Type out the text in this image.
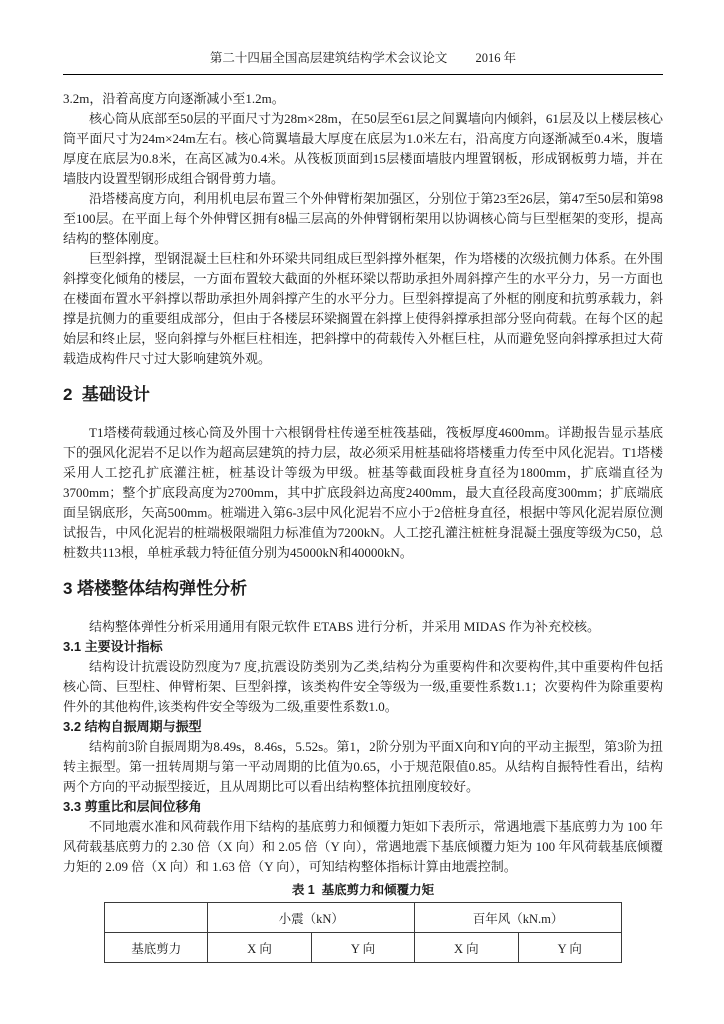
第二十四届全国高层建筑结构学术会议论文 2016 年

3.2m，沿着高度方向逐渐减小至1.2m。

核心筒从底部至50层的平面尺寸为28m×28m，在50层至61层之间翼墙向内倾斜，61层及以上楼层核心筒平面尺寸为24m×24m左右。核心筒翼墙最大厚度在底层为1.0米左右，沿高度方向逐渐减至0.4米，腹墙厚度在底层为0.8米，在高区减为0.4米。从筏板顶面到15层楼面墙肢内埋置钢板，形成钢板剪力墙，并在墙肢内设置型钢形成组合钢骨剪力墙。

沿塔楼高度方向，利用机电层布置三个外伸臂桁架加强区，分别位于第23至26层，第47至50层和第98至100层。在平面上每个外伸臂区拥有8榀三层高的外伸臂钢桁架用以协调核心筒与巨型框架的变形，提高结构的整体刚度。

巨型斜撑，型钢混凝土巨柱和外环梁共同组成巨型斜撑外框架，作为塔楼的次级抗侧力体系。在外围斜撑变化倾角的楼层，一方面布置较大截面的外框环梁以帮助承担外周斜撑产生的水平分力，另一方面也在楼面布置水平斜撑以帮助承担外周斜撑产生的水平分力。巨型斜撑提高了外框的刚度和抗剪承载力，斜撑是抗侧力的重要组成部分，但由于各楼层环梁搁置在斜撑上使得斜撑承担部分竖向荷载。在每个区的起始层和终止层，竖向斜撑与外框巨柱相连，把斜撑中的荷载传入外框巨柱，从而避免竖向斜撑承担过大荷载造成构件尺寸过大影响建筑外观。

2  基础设计

T1塔楼荷载通过核心筒及外围十六根钢骨柱传递至桩筏基础，筏板厚度4600mm。详勘报告显示基底下的强风化泥岩不足以作为超高层建筑的持力层，故必须采用桩基础将塔楼重力传至中风化泥岩。T1塔楼采用人工挖孔扩底灌注桩，桩基设计等级为甲级。桩基等截面段桩身直径为1800mm，扩底端直径为3700mm；整个扩底段高度为2700mm，其中扩底段斜边高度2400mm，最大直径段高度300mm；扩底端底面呈锅底形，矢高500mm。桩端进入第6-3层中风化泥岩不应小于2倍桩身直径，根据中等风化泥岩原位测试报告，中风化泥岩的桩端极限端阻力标准值为7200kN。人工挖孔灌注桩桩身混凝土强度等级为C50，总桩数共113根，单桩承载力特征值分别为45000kN和40000kN。

3 塔楼整体结构弹性分析

结构整体弹性分析采用通用有限元软件 ETABS 进行分析，并采用 MIDAS 作为补充校核。

3.1 主要设计指标

结构设计抗震设防烈度为7 度,抗震设防类别为乙类,结构分为重要构件和次要构件,其中重要构件包括核心筒、巨型柱、伸臂桁架、巨型斜撑，该类构件安全等级为一级,重要性系数1.1；次要构件为除重要构件外的其他构件,该类构件安全等级为二级,重要性系数1.0。

3.2 结构自振周期与振型

结构前3阶自振周期为8.49s，8.46s，5.52s。第1，2阶分别为平面X向和Y向的平动主振型，第3阶为扭转主振型。第一扭转周期与第一平动周期的比值为0.65，小于规范限值0.85。从结构自振特性看出，结构两个方向的平动振型接近，且从周期比可以看出结构整体抗扭刚度较好。

3.3 剪重比和层间位移角

不同地震水准和风荷载作用下结构的基底剪力和倾覆力矩如下表所示，常遇地震下基底剪力为 100 年风荷载基底剪力的 2.30 倍（X 向）和 2.05 倍（Y 向），常遇地震下基底倾覆力矩为 100 年风荷载基底倾覆力矩的 2.09 倍（X 向）和 1.63 倍（Y 向），可知结构整体指标计算由地震控制。

表 1  基底剪力和倾覆力矩
	小震（kN）		百年风（kN.m）	
基底剪力	X 向	Y 向	X 向	Y 向
